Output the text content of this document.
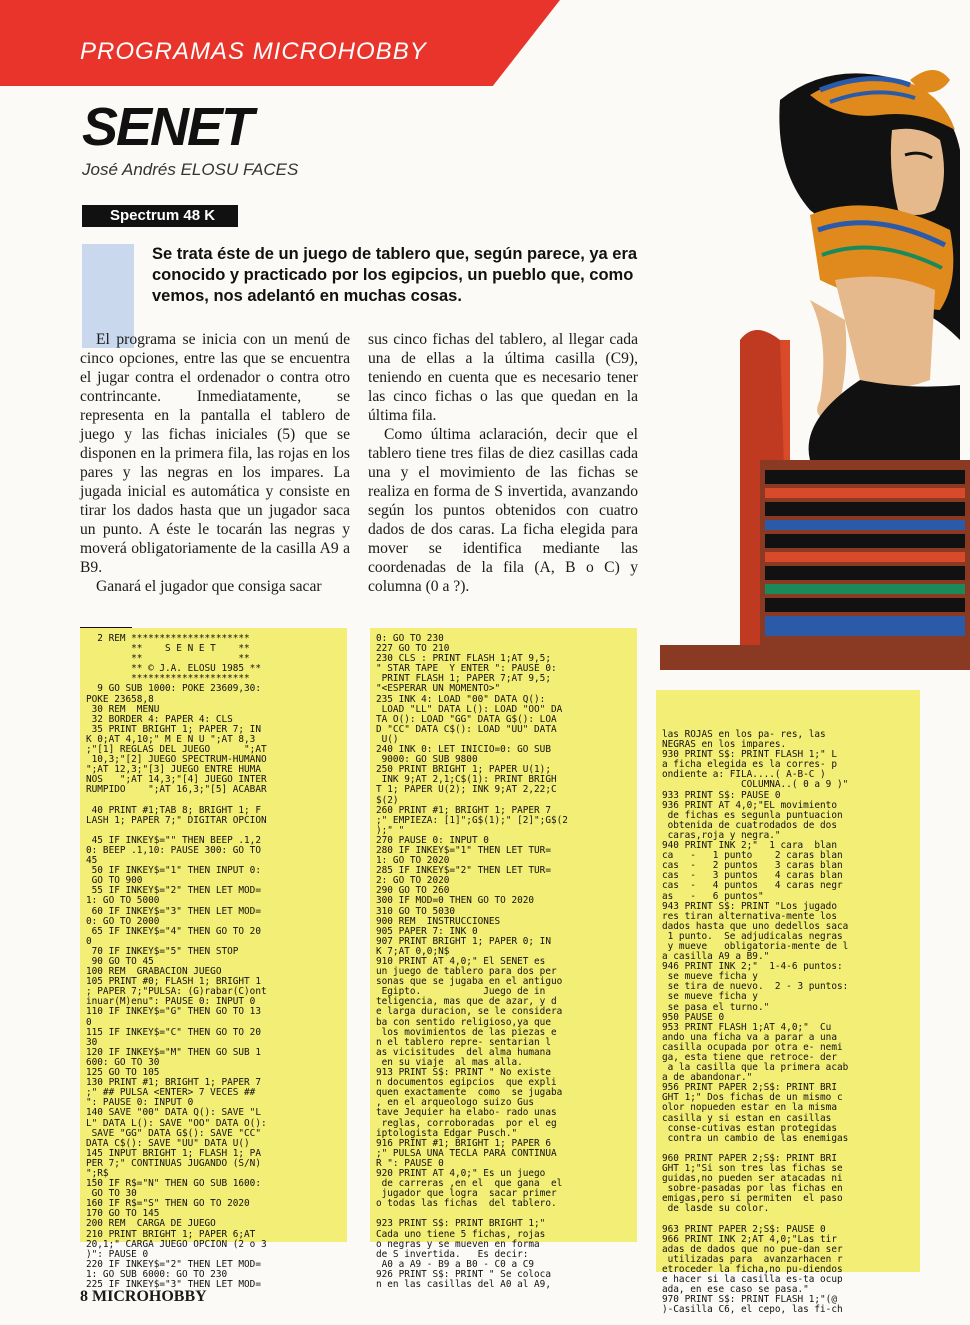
PROGRAMAS MICROHOBBY
SENET
José Andrés ELOSU FACES
Spectrum 48 K
Se trata éste de un juego de tablero que, según parece, ya era conocido y practicado por los egipcios, un pueblo que, como vemos, nos adelantó en muchas cosas.

El programa se inicia con un menú de cinco opciones, entre las que se encuentra el jugar contra el ordenador o contra otro contrincante. Inmediatamente, se representa en la pantalla el tablero de juego y las fichas iniciales (5) que se disponen en la primera fila, las rojas en los pares y las negras en los impares. La jugada inicial es automática y consiste en tirar los dados hasta que un jugador saca un punto. A éste le tocarán las negras y moverá obligatoriamente de la casilla A9 a B9.

Ganará el jugador que consiga sacar

sus cinco fichas del tablero, al llegar cada una de ellas a la última casilla (C9), teniendo en cuenta que es necesario tener las cinco fichas o las que quedan en la última fila.

Como última aclaración, decir que el tablero tiene tres filas de diez casillas cada una y el movimiento de las fichas se realiza en forma de S invertida, avanzando según los puntos obtenidos con cuatro dados de dos caras. La ficha elegida para mover se identifica mediante las coordenadas de la fila (A, B o C) y columna (0 a ?).

2 REM *********************
**    S E N E T    **
**                 **
** © J.A. ELOSU 1985 **
*********************
9 GO SUB 1000: POKE 23609,30:
POKE 23658,8
30 REM  MENU
32 BORDER 4: PAPER 4: CLS
35 PRINT BRIGHT 1; PAPER 7; IN
K 0;AT 4,10;" M E N U ";AT 8,3
;"[1] REGLAS DEL JUEGO      ";AT
10,3;"[2] JUEGO SPECTRUM-HUMANO
";AT 12,3;"[3] JUEGO ENTRE HUMA
NOS   ";AT 14,3;"[4] JUEGO INTER
RUMPIDO    ";AT 16,3;"[5] ACABAR

40 PRINT #1;TAB 8; BRIGHT 1; F
LASH 1; PAPER 7;" DIGITAR OPCION

45 IF INKEY$="" THEN BEEP .1,2
0: BEEP .1,10: PAUSE 300: GO TO
45
50 IF INKEY$="1" THEN INPUT 0:
GO TO 900
55 IF INKEY$="2" THEN LET MOD=
1: GO TO 5000
60 IF INKEY$="3" THEN LET MOD=
0: GO TO 2000
65 IF INKEY$="4" THEN GO TO 20
0
70 IF INKEY$="5" THEN STOP
90 GO TO 45
100 REM  GRABACION JUEGO
105 PRINT #0; FLASH 1; BRIGHT 1
; PAPER 7;"PULSA: (G)rabar(C)ont
inuar(M)enu": PAUSE 0: INPUT 0
110 IF INKEY$="G" THEN GO TO 13
0
115 IF INKEY$="C" THEN GO TO 20
30
120 IF INKEY$="M" THEN GO SUB 1
600: GO TO 30
125 GO TO 105
130 PRINT #1; BRIGHT 1; PAPER 7
;" ## PULSA <ENTER> 7 VECES ##
": PAUSE 0: INPUT 0
140 SAVE "00" DATA Q(): SAVE "L
L" DATA L(): SAVE "OO" DATA O():
SAVE "GG" DATA G$(): SAVE "CC"
DATA C$(): SAVE "UU" DATA U()
145 INPUT BRIGHT 1; FLASH 1; PA
PER 7;" CONTINUAS JUGANDO (S/N)
";R$
150 IF R$="N" THEN GO SUB 1600:
GO TO 30
160 IF R$="S" THEN GO TO 2020
170 GO TO 145
200 REM  CARGA DE JUEGO
210 PRINT BRIGHT 1; PAPER 6;AT
20,1;" CARGA JUEGO OPCION (2 o 3
)": PAUSE 0
220 IF INKEY$="2" THEN LET MOD=
1: GO SUB 6000: GO TO 230
225 IF INKEY$="3" THEN LET MOD=
0: GO TO 230
227 GO TO 210
230 CLS : PRINT FLASH 1;AT 9,5;
" STAR TAPE  Y ENTER ": PAUSE 0:
PRINT FLASH 1; PAPER 7;AT 9,5;
"<ESPERAR UN MOMENTO>"
235 INK 4: LOAD "00" DATA Q():
LOAD "LL" DATA L(): LOAD "OO" DA
TA O(): LOAD "GG" DATA G$(): LOA
D "CC" DATA C$(): LOAD "UU" DATA
U()
240 INK 0: LET INICIO=0: GO SUB
9000: GO SUB 9800
250 PRINT BRIGHT 1; PAPER U(1);
INK 9;AT 2,1;C$(1): PRINT BRIGH
T 1; PAPER U(2); INK 9;AT 2,22;C
$(2)
260 PRINT #1; BRIGHT 1; PAPER 7
;" EMPIEZA: [1]";G$(1);" [2]";G$(2
);" "
270 PAUSE 0: INPUT 0
280 IF INKEY$="1" THEN LET TUR=
1: GO TO 2020
285 IF INKEY$="2" THEN LET TUR=
2: GO TO 2020
290 GO TO 260
300 IF MOD=0 THEN GO TO 2020
310 GO TO 5030
900 REM  INSTRUCCIONES
905 PAPER 7: INK 0
907 PRINT BRIGHT 1; PAPER 0; IN
K 7;AT 0,0;N$
910 PRINT AT 4,0;" El SENET es
un juego de tablero para dos per
sonas que se jugaba en el antiguo
Egipto.           Juego de in
teligencia, mas que de azar, y d
e larga duracion, se le considera
ba con sentido religioso,ya que
los movimientos de las piezas e
n el tablero repre- sentarian l
as vicisitudes  del alma humana
en su viaje  al mas alla.
913 PRINT S$: PRINT " No existe
n documentos egipcios  que expli
quen exactamente  como  se jugaba
, en el arqueologo suizo Gus
tave Jequier ha elabo- rado unas
reglas, corroboradas  por el eg
iptologista Edgar Pusch."
916 PRINT #1; BRIGHT 1; PAPER 6
;" PULSA UNA TECLA PARA CONTINUA
R ": PAUSE 0
920 PRINT AT 4,0;" Es un juego
de carreras ,en el  que gana  el
jugador que logra  sacar primer
o todas las fichas  del tablero.

923 PRINT S$: PRINT BRIGHT 1;"
Cada uno tiene 5 fichas, rojas
o negras y se mueven en forma
de S invertida.   Es decir:
A0 a A9 - B9 a B0 - C0 a C9
926 PRINT S$: PRINT " Se coloca
n en las casillas del A0 al A9,
las ROJAS en los pa- res, las
NEGRAS en los impares.
930 PRINT S$: PRINT FLASH 1;" L
a ficha elegida es la corres- p
ondiente a: FILA....( A-B-C )
COLUMNA..( 0 a 9 )"
933 PRINT S$: PAUSE 0
936 PRINT AT 4,0;"EL movimiento
de fichas es segunla puntuacion
obtenida de cuatrodados de dos
caras,roja y negra."
940 PRINT INK 2;"  1 cara  blan
ca   -   1 punto    2 caras blan
cas  -   2 puntos   3 caras blan
cas  -   3 puntos   4 caras blan
cas  -   4 puntos   4 caras negr
as   -   6 puntos"
943 PRINT S$: PRINT "Los jugado
res tiran alternativa-mente los
dados hasta que uno dedellos saca
1 punto.  Se adjudicalas negras
y mueve   obligatoria-mente de l
a casilla A9 a B9."
946 PRINT INK 2;"  1-4-6 puntos:
se mueve ficha y
se tira de nuevo.  2 - 3 puntos:
se mueve ficha y
se pasa el turno."
950 PAUSE 0
953 PRINT FLASH 1;AT 4,0;"  Cu
ando una ficha va a parar a una
casilla ocupada por otra e- nemi
ga, esta tiene que retroce- der
a la casilla que la primera acab
a de abandonar."
956 PRINT PAPER 2;S$: PRINT BRI
GHT 1;" Dos fichas de un mismo c
olor nopueden estar en la misma
casilla y si estan en casillas
conse-cutivas estan protegidas
contra un cambio de las enemigas

960 PRINT PAPER 2;S$: PRINT BRI
GHT 1;"Si son tres las fichas se
guidas,no pueden ser atacadas ni
sobre-pasadas por las fichas en
emigas,pero si permiten  el paso
de lasde su color.

963 PRINT PAPER 2;S$: PAUSE 0
966 PRINT INK 2;AT 4,0;"Las tir
adas de dados que no pue-dan ser
utilizadas para  avanzarhacen r
etroceder la ficha,no pu-diendos
e hacer si la casilla es-ta ocup
ada, en ese caso se pasa."
970 PRINT S$: PRINT FLASH 1;"(@
)-Casilla C6, el cepo, las fi-ch
8 MICROHOBBY
